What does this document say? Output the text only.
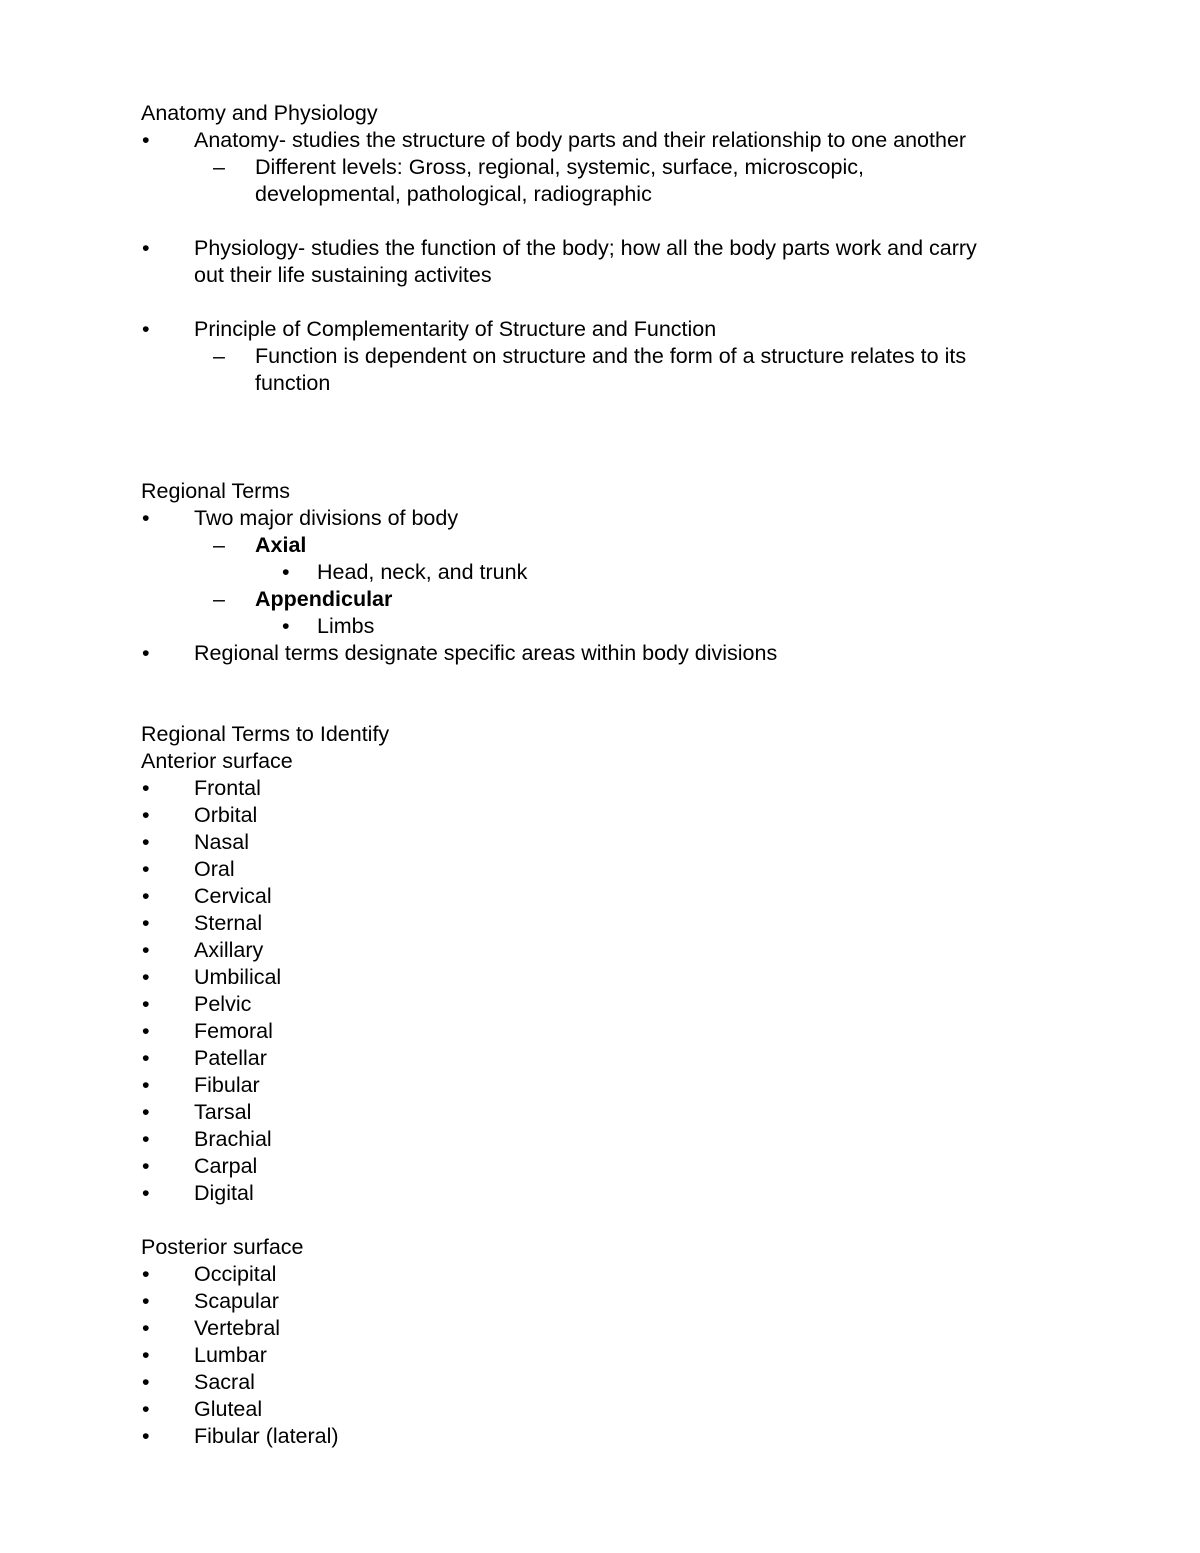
Anatomy and Physiology
• Anatomy- studies the structure of body parts and their relationship to one another
– Different levels: Gross, regional, systemic, surface, microscopic,
developmental, pathological, radiographic
• Physiology- studies the function of the body; how all the body parts work and carry
out their life sustaining activites
• Principle of Complementarity of Structure and Function
– Function is dependent on structure and the form of a structure relates to its
function
Regional Terms
• Two major divisions of body
– Axial
• Head, neck, and trunk
– Appendicular
• Limbs
• Regional terms designate specific areas within body divisions
Regional Terms to Identify
Anterior surface
• Frontal
• Orbital
• Nasal
• Oral
• Cervical
• Sternal
• Axillary
• Umbilical
• Pelvic
• Femoral
• Patellar
• Fibular
• Tarsal
• Brachial
• Carpal
• Digital
Posterior surface
• Occipital
• Scapular
• Vertebral
• Lumbar
• Sacral
• Gluteal
• Fibular (lateral)
